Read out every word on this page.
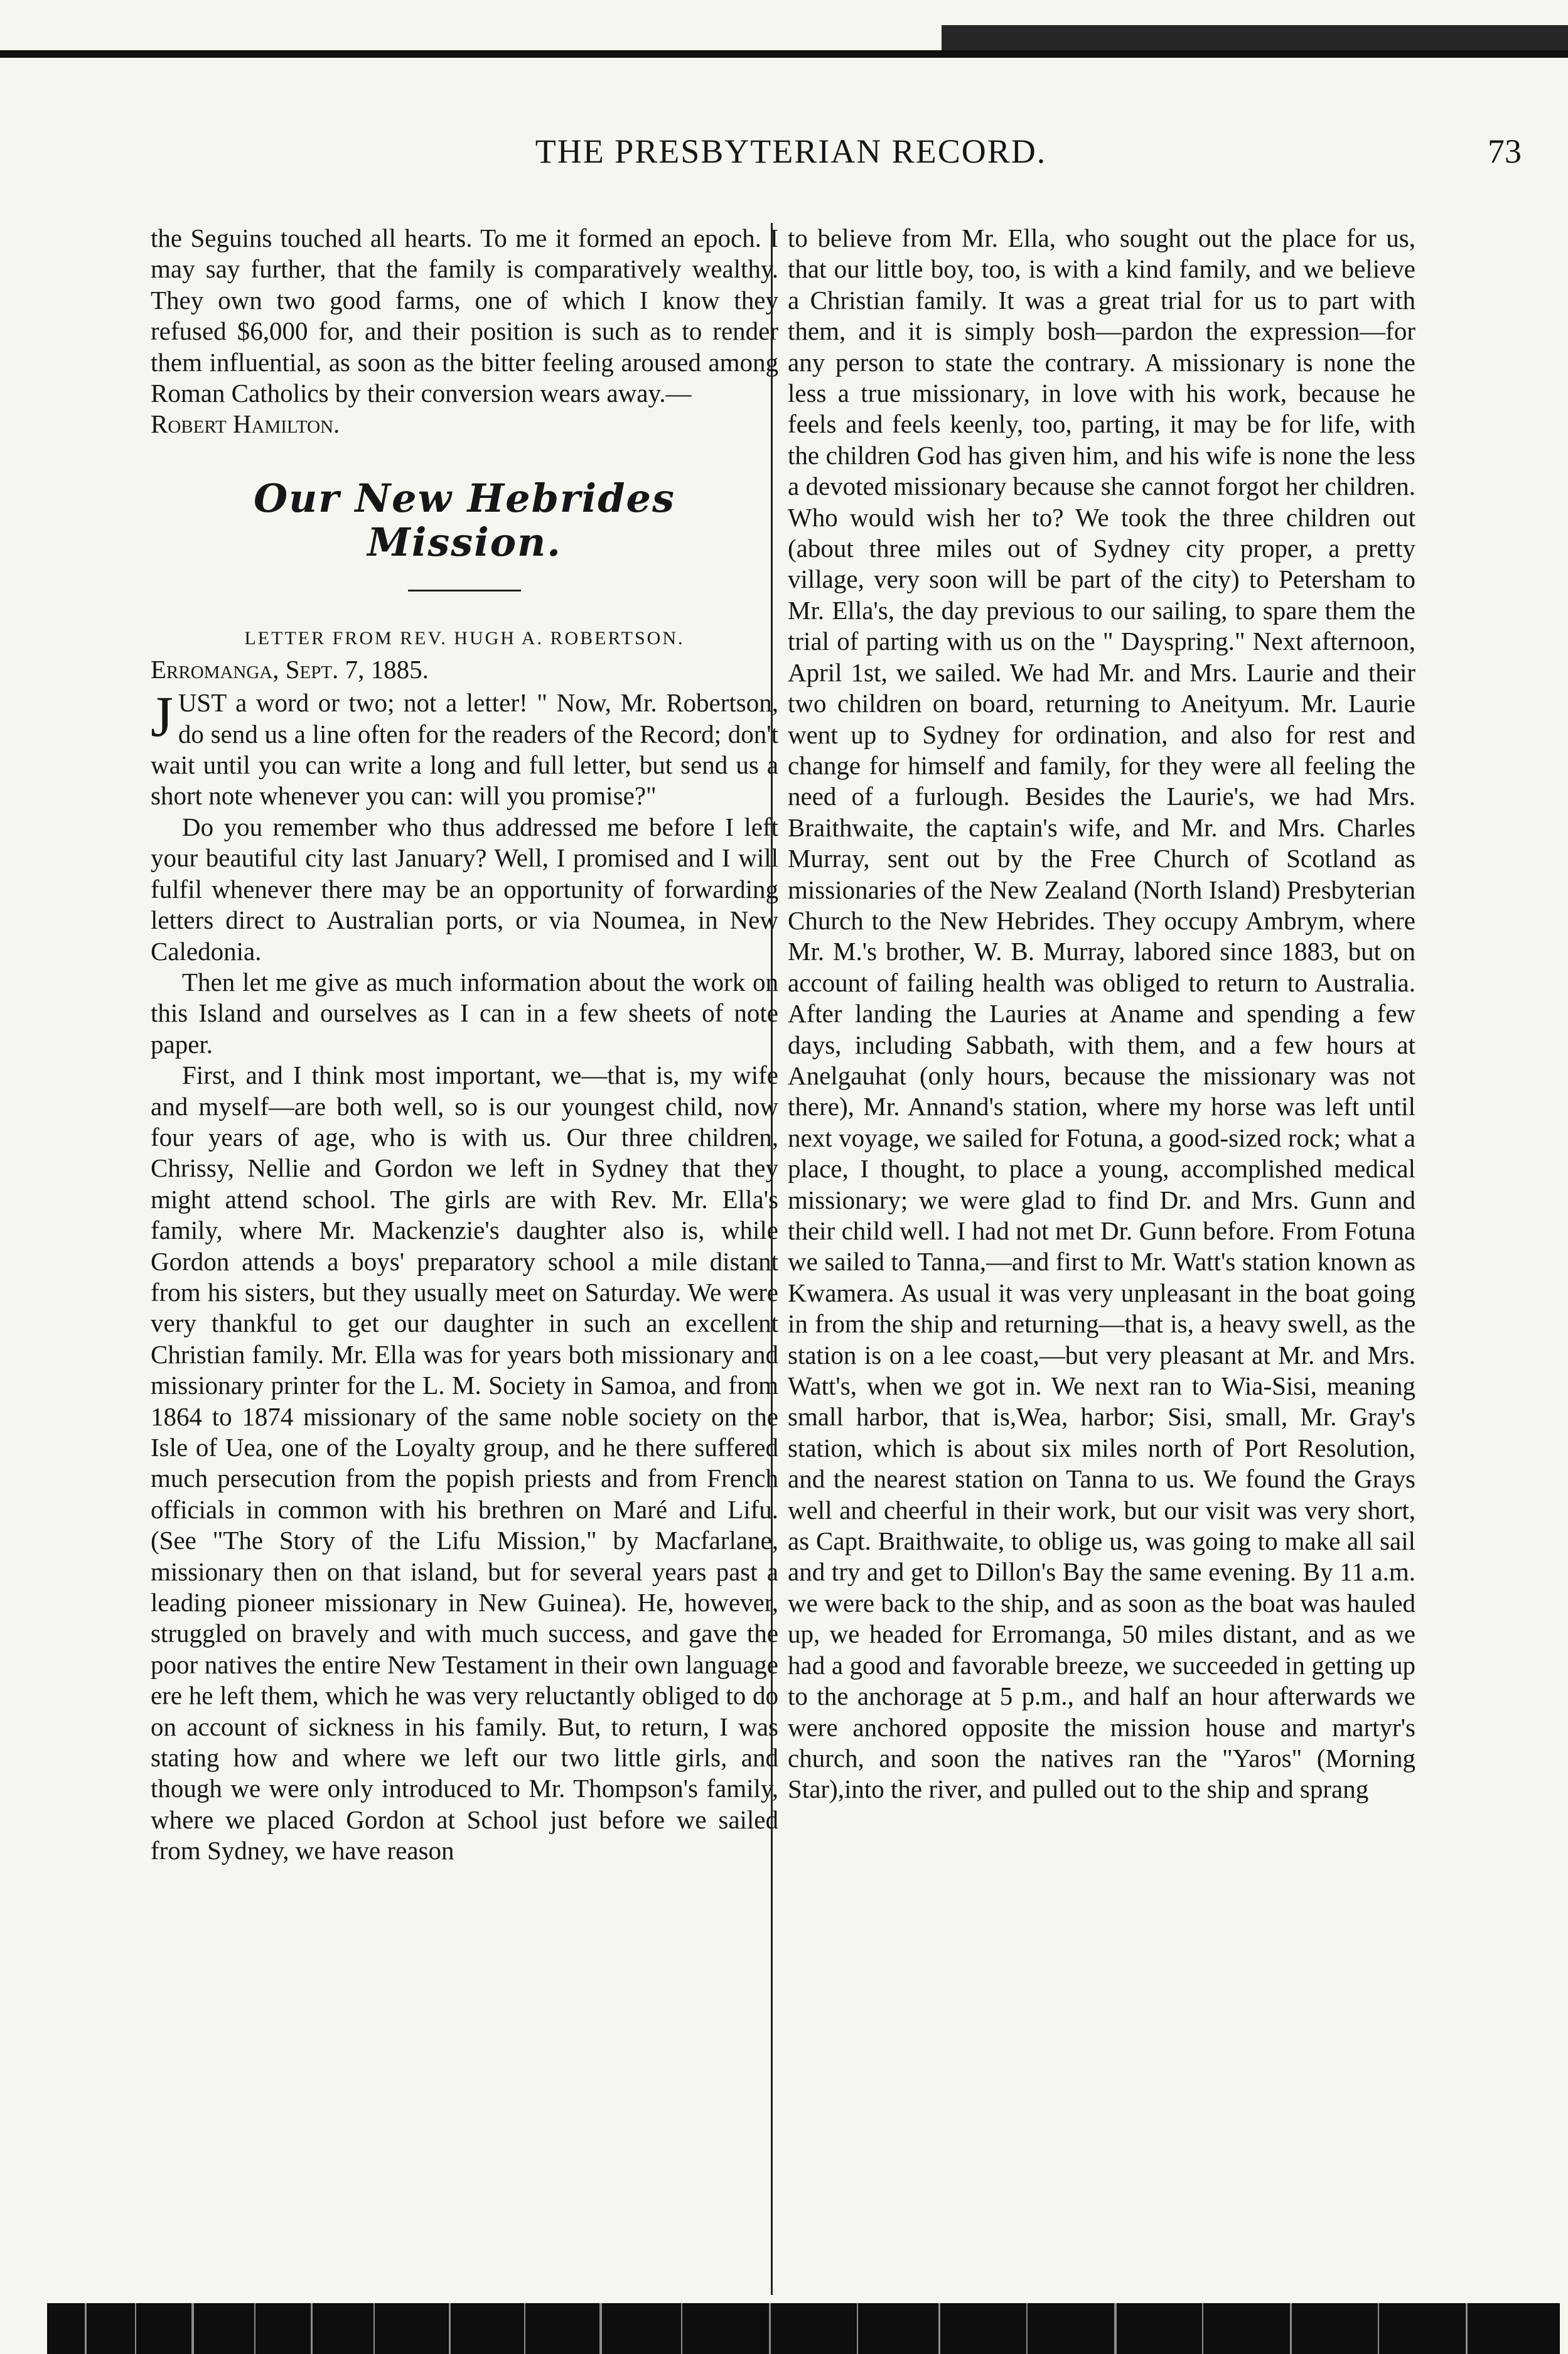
THE PRESBYTERIAN RECORD.	73

the Seguins touched all hearts. To me it formed an epoch. I may say further, that the family is comparatively wealthy. They own two good farms, one of which I know they refused $6,000 for, and their position is such as to render them influential, as soon as the bitter feeling aroused among Roman Catholics by their conversion wears away.—

Robert Hamilton.

Our New Hebrides Mission.
LETTER FROM REV. HUGH A. ROBERTSON.

Erromanga, Sept. 7, 1885.

J UST a word or two; not a letter! " Now, Mr. Robertson, do send us a line often for the readers of the Record; don't wait until you can write a long and full letter, but send us a short note whenever you can: will you promise?"

Do you remember who thus addressed me before I left your beautiful city last January? Well, I promised and I will fulfil whenever there may be an opportunity of forwarding letters direct to Australian ports, or via Noumea, in New Caledonia.

Then let me give as much information about the work on this Island and ourselves as I can in a few sheets of note paper.

First, and I think most important, we—that is, my wife and myself—are both well, so is our youngest child, now four years of age, who is with us. Our three children, Chrissy, Nellie and Gordon we left in Sydney that they might attend school. The girls are with Rev. Mr. Ella's family, where Mr. Mackenzie's daughter also is, while Gordon attends a boys' preparatory school a mile distant from his sisters, but they usually meet on Saturday. We were very thankful to get our daughter in such an excellent Christian family. Mr. Ella was for years both missionary and missionary printer for the L. M. Society in Samoa, and from 1864 to 1874 missionary of the same noble society on the Isle of Uea, one of the Loyalty group, and he there suffered much persecution from the popish priests and from French officials in common with his brethren on Maré and Lifu. (See "The Story of the Lifu Mission," by Macfarlane, missionary then on that island, but for several years past a leading pioneer missionary in New Guinea). He, however, struggled on bravely and with much success, and gave the poor natives the entire New Testament in their own language ere he left them, which he was very reluctantly obliged to do on account of sickness in his family. But, to return, I was stating how and where we left our two little girls, and though we were only introduced to Mr. Thompson's family, where we placed Gordon at School just before we sailed from Sydney, we have reason

to believe from Mr. Ella, who sought out the place for us, that our little boy, too, is with a kind family, and we believe a Christian family. It was a great trial for us to part with them, and it is simply bosh—pardon the expression—for any person to state the contrary. A missionary is none the less a true missionary, in love with his work, because he feels and feels keenly, too, parting, it may be for life, with the children God has given him, and his wife is none the less a devoted missionary because she cannot forgot her children. Who would wish her to? We took the three children out (about three miles out of Sydney city proper, a pretty village, very soon will be part of the city) to Petersham to Mr. Ella's, the day previous to our sailing, to spare them the trial of parting with us on the " Dayspring." Next afternoon, April 1st, we sailed. We had Mr. and Mrs. Laurie and their two children on board, returning to Aneityum. Mr. Laurie went up to Sydney for ordination, and also for rest and change for himself and family, for they were all feeling the need of a furlough. Besides the Laurie's, we had Mrs. Braithwaite, the captain's wife, and Mr. and Mrs. Charles Murray, sent out by the Free Church of Scotland as missionaries of the New Zealand (North Island) Presbyterian Church to the New Hebrides. They occupy Ambrym, where Mr. M.'s brother, W. B. Murray, labored since 1883, but on account of failing health was obliged to return to Australia. After landing the Lauries at Aname and spending a few days, including Sabbath, with them, and a few hours at Anelgauhat (only hours, because the missionary was not there), Mr. Annand's station, where my horse was left until next voyage, we sailed for Fotuna, a good-sized rock; what a place, I thought, to place a young, accomplished medical missionary; we were glad to find Dr. and Mrs. Gunn and their child well. I had not met Dr. Gunn before. From Fotuna we sailed to Tanna,—and first to Mr. Watt's station known as Kwamera. As usual it was very unpleasant in the boat going in from the ship and returning—that is, a heavy swell, as the station is on a lee coast,—but very pleasant at Mr. and Mrs. Watt's, when we got in. We next ran to Wia-Sisi, meaning small harbor, that is,Wea, harbor; Sisi, small, Mr. Gray's station, which is about six miles north of Port Resolution, and the nearest station on Tanna to us. We found the Grays well and cheerful in their work, but our visit was very short, as Capt. Braithwaite, to oblige us, was going to make all sail and try and get to Dillon's Bay the same evening. By 11 a.m. we were back to the ship, and as soon as the boat was hauled up, we headed for Erromanga, 50 miles distant, and as we had a good and favorable breeze, we succeeded in getting up to the anchorage at 5 p.m., and half an hour afterwards we were anchored opposite the mission house and martyr's church, and soon the natives ran the "Yaros" (Morning Star),into the river, and pulled out to the ship and sprang
